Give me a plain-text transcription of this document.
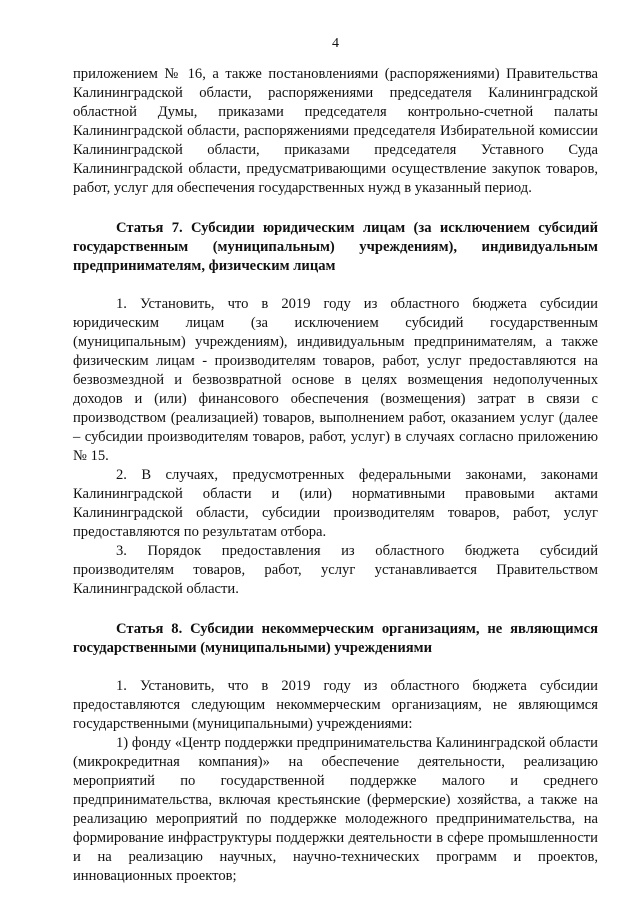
4

приложением № 16, а также постановлениями (распоряжениями) Правительства Калининградской области, распоряжениями председателя Калининградской областной Думы, приказами председателя контрольно-счетной палаты Калининградской области, распоряжениями председателя Избирательной комиссии Калининградской области, приказами председателя Уставного Суда Калининградской области, предусматривающими осуществление закупок товаров, работ, услуг для обеспечения государственных нужд в указанный период.

Статья 7. Субсидии юридическим лицам (за исключением субсидий государственным (муниципальным) учреждениям), индивидуальным предпринимателям, физическим лицам

1. Установить, что в 2019 году из областного бюджета субсидии юридическим лицам (за исключением субсидий государственным (муниципальным) учреждениям), индивидуальным предпринимателям, а также физическим лицам - производителям товаров, работ, услуг предоставляются на безвозмездной и безвозвратной основе в целях возмещения недополученных доходов и (или) финансового обеспечения (возмещения) затрат в связи с производством (реализацией) товаров, выполнением работ, оказанием услуг (далее – субсидии производителям товаров, работ, услуг) в случаях согласно приложению № 15.

2. В случаях, предусмотренных федеральными законами, законами Калининградской области и (или) нормативными правовыми актами Калининградской области, субсидии производителям товаров, работ, услуг предоставляются по результатам отбора.

3. Порядок предоставления из областного бюджета субсидий производителям товаров, работ, услуг устанавливается Правительством Калининградской области.

Статья 8. Субсидии некоммерческим организациям, не являющимся государственными (муниципальными) учреждениями

1. Установить, что в 2019 году из областного бюджета субсидии предоставляются следующим некоммерческим организациям, не являющимся государственными (муниципальными) учреждениями:

1) фонду «Центр поддержки предпринимательства Калининградской области (микрокредитная компания)» на обеспечение деятельности, реализацию мероприятий по государственной поддержке малого и среднего предпринимательства, включая крестьянские (фермерские) хозяйства, а также на реализацию мероприятий по поддержке молодежного предпринимательства, на формирование инфраструктуры поддержки деятельности в сфере промышленности и на реализацию научных, научно-технических программ и проектов, инновационных проектов;
